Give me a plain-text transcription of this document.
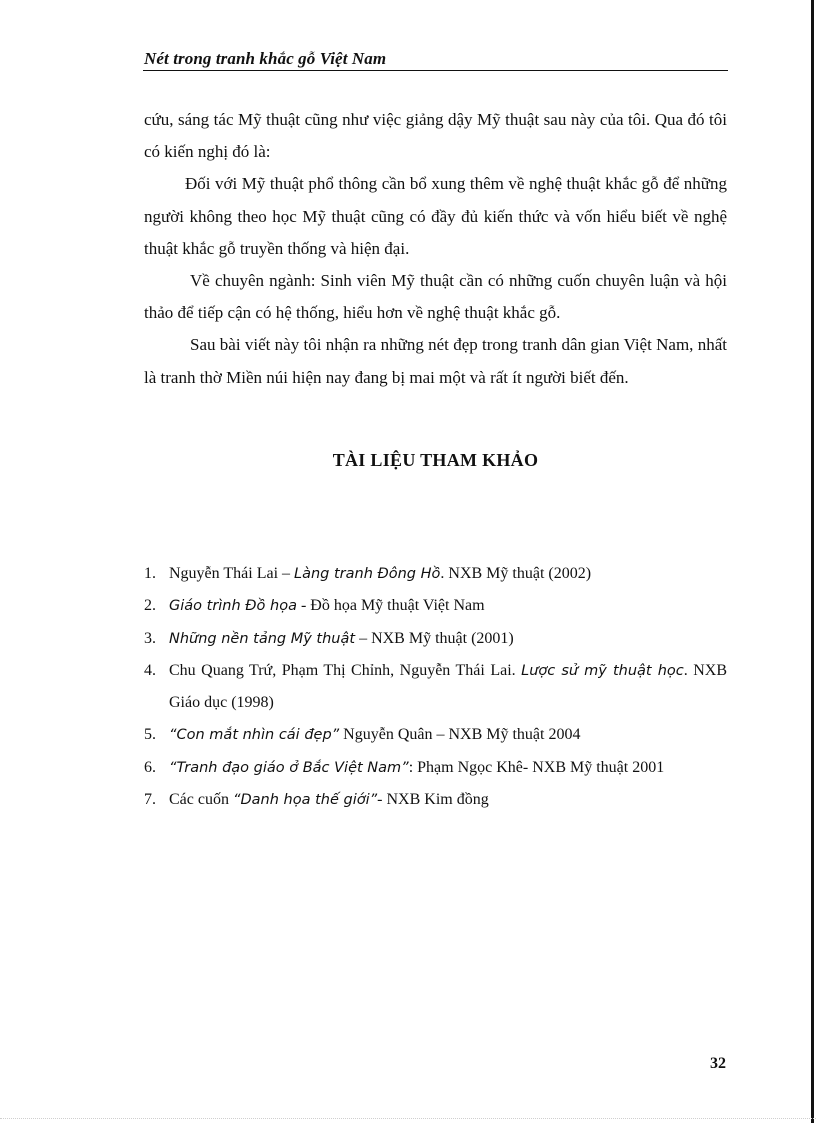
Nét trong tranh khắc gỗ Việt Nam

cứu, sáng tác Mỹ thuật cũng như việc giảng dậy Mỹ thuật sau này của tôi. Qua đó tôi có kiến nghị đó là:

Đối với Mỹ thuật phổ thông cần bổ xung thêm về nghệ thuật khắc gỗ để những người không theo học Mỹ thuật cũng có đầy đủ kiến thức và vốn hiểu biết về nghệ thuật khắc gỗ truyền thống và hiện đại.

Về chuyên ngành: Sinh viên Mỹ thuật cần có những cuốn chuyên luận và hội thảo để tiếp cận có hệ thống, hiểu hơn về nghệ thuật khắc gỗ.

Sau bài viết này tôi nhận ra những nét đẹp trong tranh dân gian Việt Nam, nhất là tranh thờ Miền núi hiện nay đang bị mai một và rất ít người biết đến.

TÀI LIỆU THAM KHẢO
1. Nguyễn Thái Lai – Làng tranh Đông Hồ. NXB Mỹ thuật (2002)
2. Giáo trình Đồ họa - Đồ họa Mỹ thuật Việt Nam
3. Những nền tảng Mỹ thuật – NXB Mỹ thuật (2001)
4. Chu Quang Trứ, Phạm Thị Chỉnh, Nguyễn Thái Lai. Lược sử mỹ thuật học. NXB Giáo dục (1998)
5. “Con mắt nhìn cái đẹp” Nguyễn Quân – NXB Mỹ thuật 2004
6. “Tranh đạo giáo ở Bắc Việt Nam”: Phạm Ngọc Khê- NXB Mỹ thuật 2001
7. Các cuốn “Danh họa thế giới”- NXB Kim đồng
32
